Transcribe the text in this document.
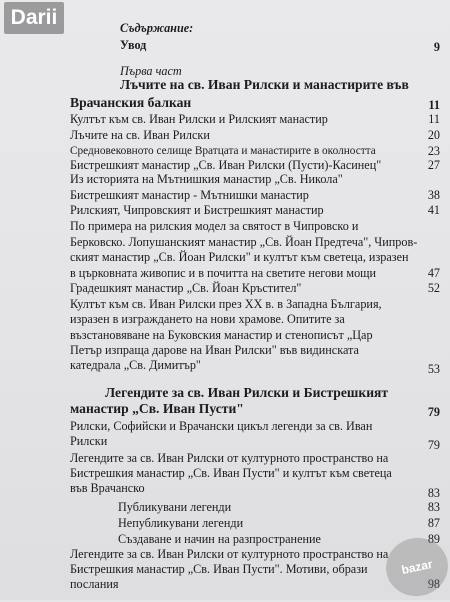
Darii	Съдържание:
Увод	9
Първа част
Лъчите на св. Иван Рилски и манастирите във
Врачанския балкан	11
Култът към св. Иван Рилски и Рилският манастир	11
Лъчите на св. Иван Рилски	20
Средновековното селище Вратцата и манастирите в околността	23
Бистрешкият манастир „Св. Иван Рилски (Пусти)-Касинец"	27
Из историята на Мътнишкия манастир „Св. Никола"
Бистрешкият манастир - Мътнишки манастир	38
Рилският, Чипровският и Бистрешкият манастир	41
По примера на рилския модел за святост в Чипровско и
Берковско. Лопушанският манастир „Св. Йоан Предтеча", Чипров-
ският манастир „Св. Йоан Рилски" и култът към светеца, изразен
в църковната живопис и в почитта на светите негови мощи	47
Градешкият манастир „Св. Йоан Кръстител"	52
Култът към св. Иван Рилски през XX в. в Западна България,
изразен в изграждането на нови храмове. Опитите за
възстановяване на Буковския манастир и стенописът „Цар
Петър изпраща дарове на Иван Рилски" във видинската
катедрала „Св. Димитър"	53
Легендите за св. Иван Рилски и Бистрешкият
манастир „Св. Иван Пусти"	79
Рилски, Софийски и Врачански цикъл легенди за св. Иван
Рилски	79
Легендите за св. Иван Рилски от културното пространство на
Бистрешкия манастир „Св. Иван Пусти" и култът към светеца
във Врачанско	83
Публикувани легенди	83
Непубликувани легенди	87
Създаване и начин на разпространение	89
Легендите за св. Иван Рилски от културното пространство на
Бистрешкия манастир „Св. Иван Пусти". Мотиви, образи
послания	98
bazar
